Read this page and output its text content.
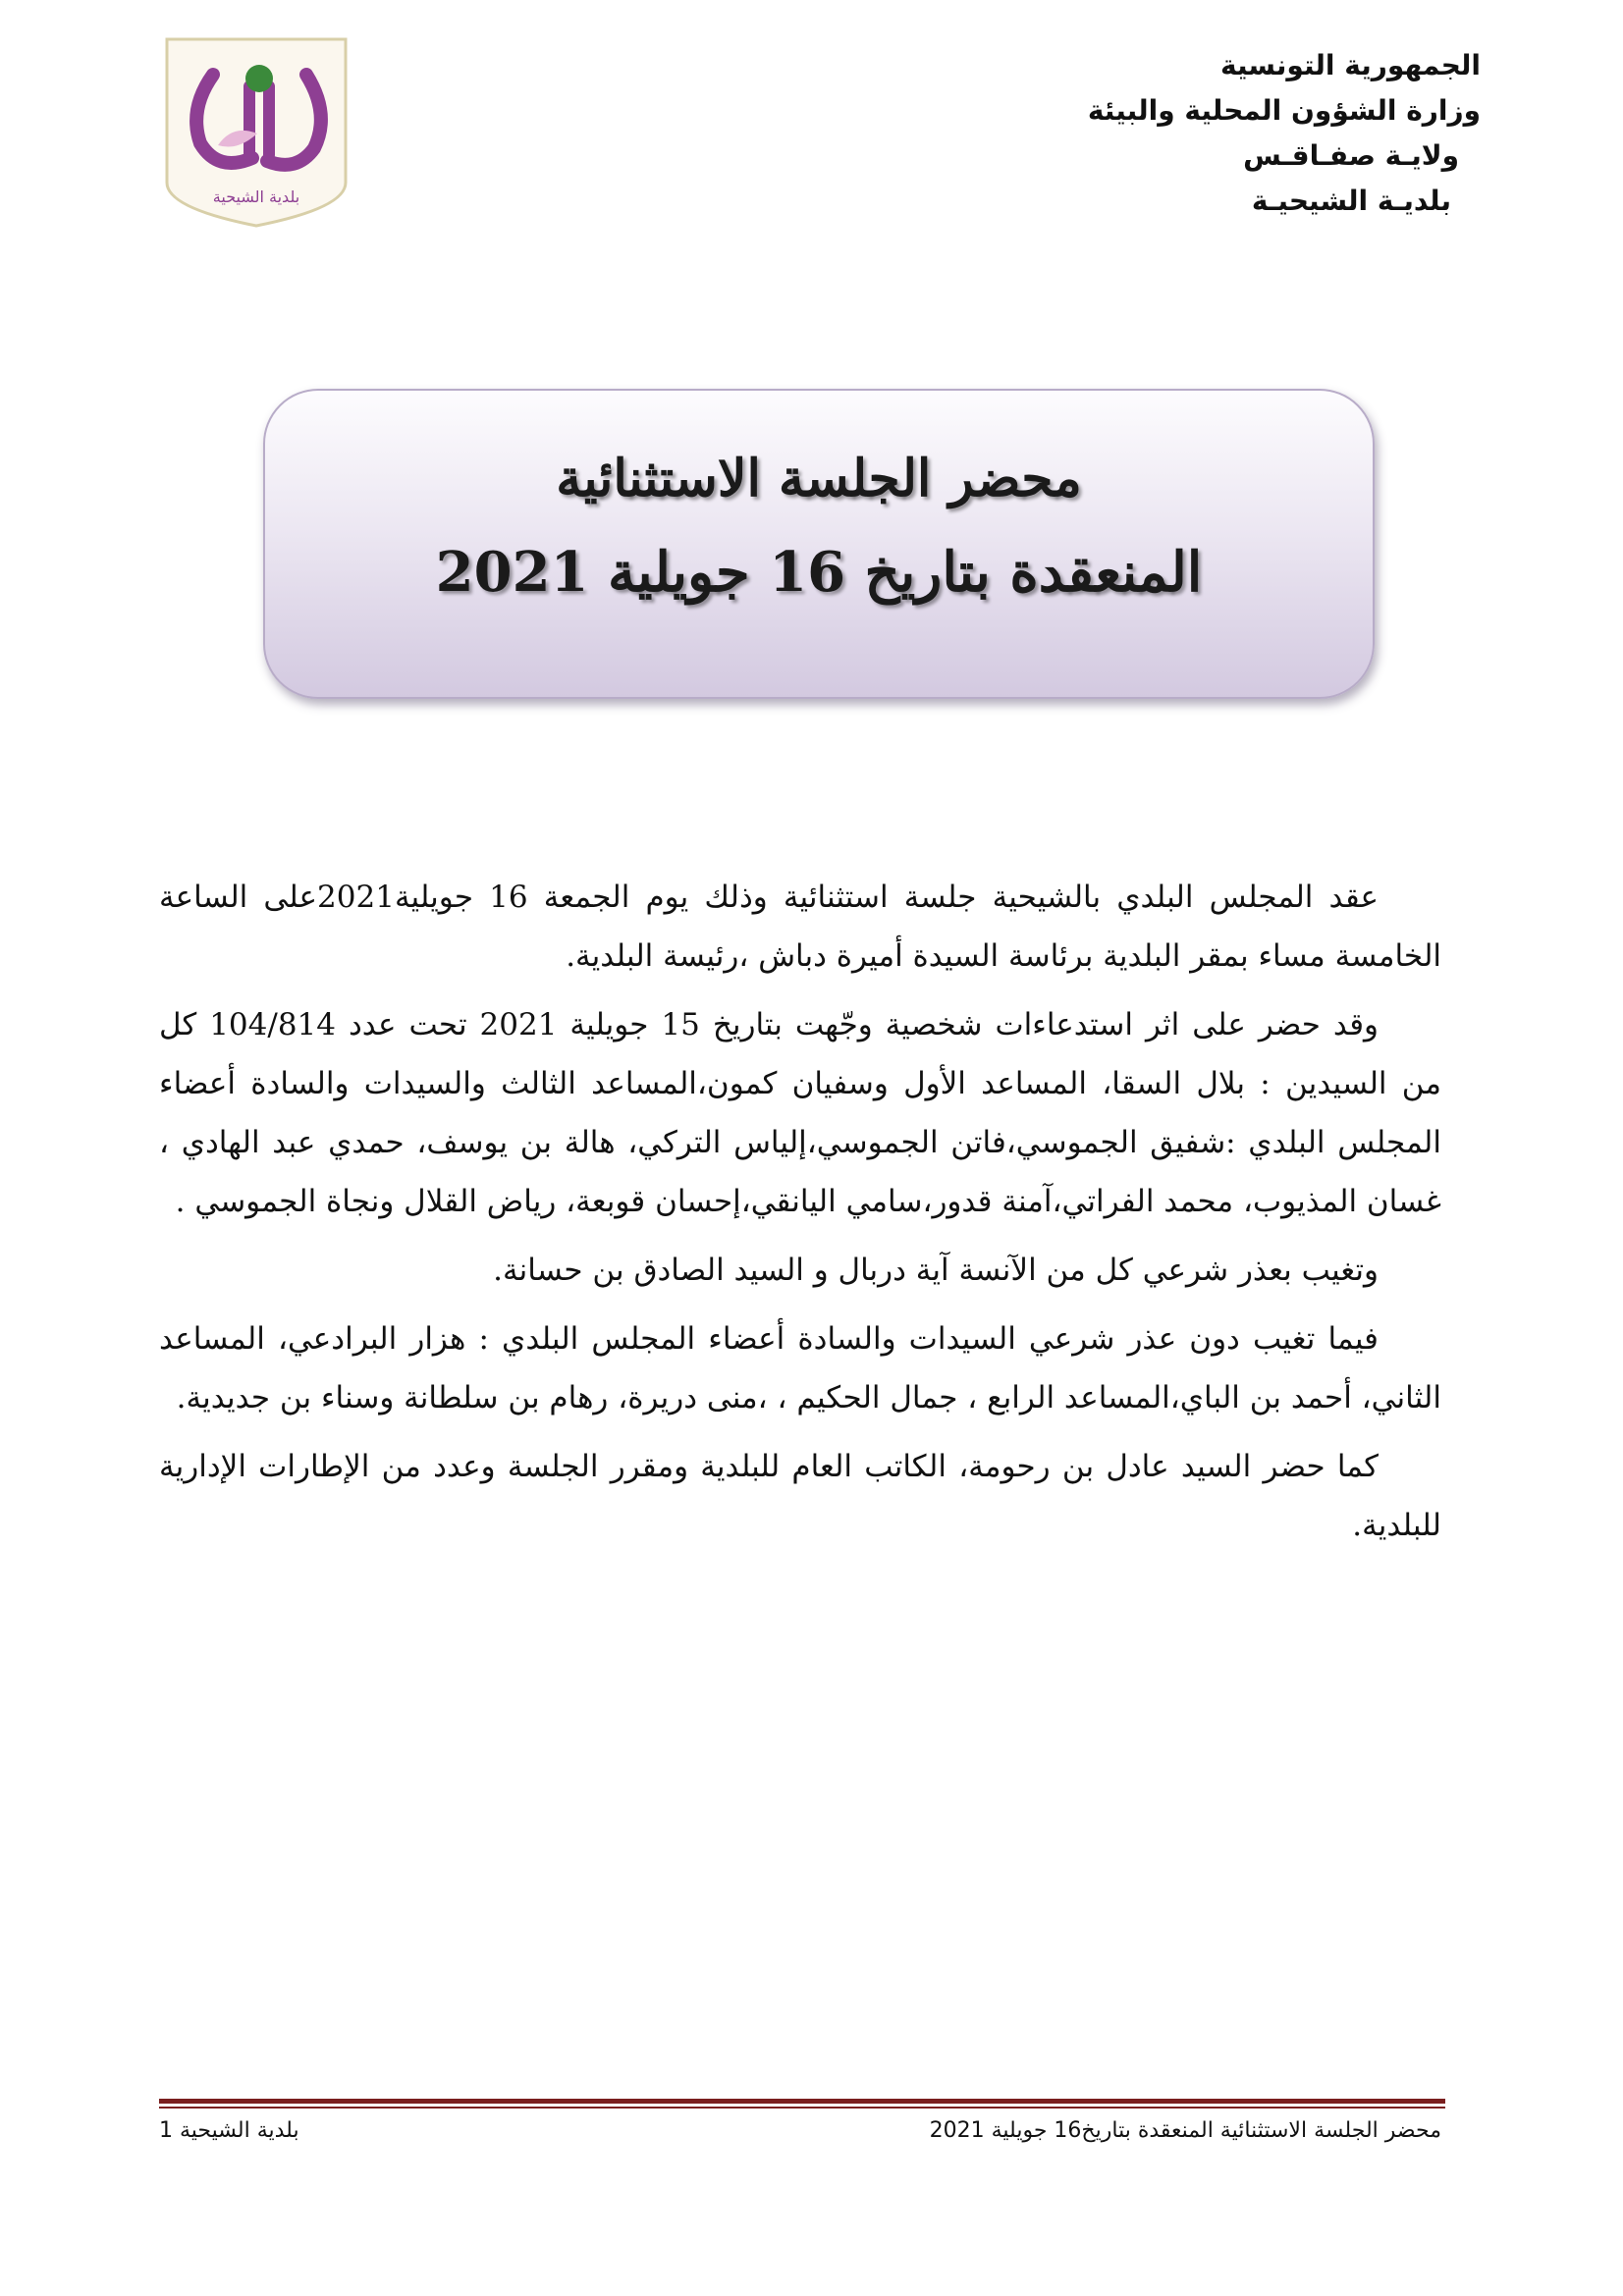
الجمهورية التونسية
وزارة الشؤون المحلية والبيئة
ولايـة صفـاقـس
بلديـة الشيحيـة
بلدية الشيحية
محضر الجلسة الاستثنائية
المنعقدة بتاريخ 16 جويلية 2021

عقد المجلس البلدي بالشيحية جلسة استثنائية وذلك يوم الجمعة 16 جويلية2021على الساعة الخامسة مساء بمقر البلدية برئاسة السيدة أميرة دباش ،رئيسة البلدية.

وقد حضر على اثر استدعاءات شخصية وجّهت بتاريخ 15 جويلية 2021 تحت عدد 104/814 كل من السيدين : بلال السقا، المساعد الأول وسفيان كمون،المساعد الثالث والسيدات والسادة أعضاء المجلس البلدي :شفيق الجموسي،فاتن الجموسي،إلياس التركي، هالة بن يوسف، حمدي عبد الهادي ، غسان المذيوب، محمد الفراتي،آمنة قدور،سامي اليانقي،إحسان قوبعة، رياض القلال ونجاة الجموسي .

وتغيب بعذر شرعي كل من الآنسة آية دربال و السيد الصادق بن حسانة.

فيما تغيب دون عذر شرعي السيدات والسادة أعضاء المجلس البلدي : هزار البرادعي، المساعد الثاني، أحمد بن الباي،المساعد الرابع ، جمال الحكيم ، ،منى دريرة، رهام بن سلطانة وسناء بن جديدية.

كما حضر السيد عادل بن رحومة، الكاتب العام للبلدية ومقرر الجلسة وعدد من الإطارات الإدارية للبلدية.

بلدية الشيحية 1	محضر الجلسة الاستثنائية المنعقدة بتاريخ16 جويلية 2021
